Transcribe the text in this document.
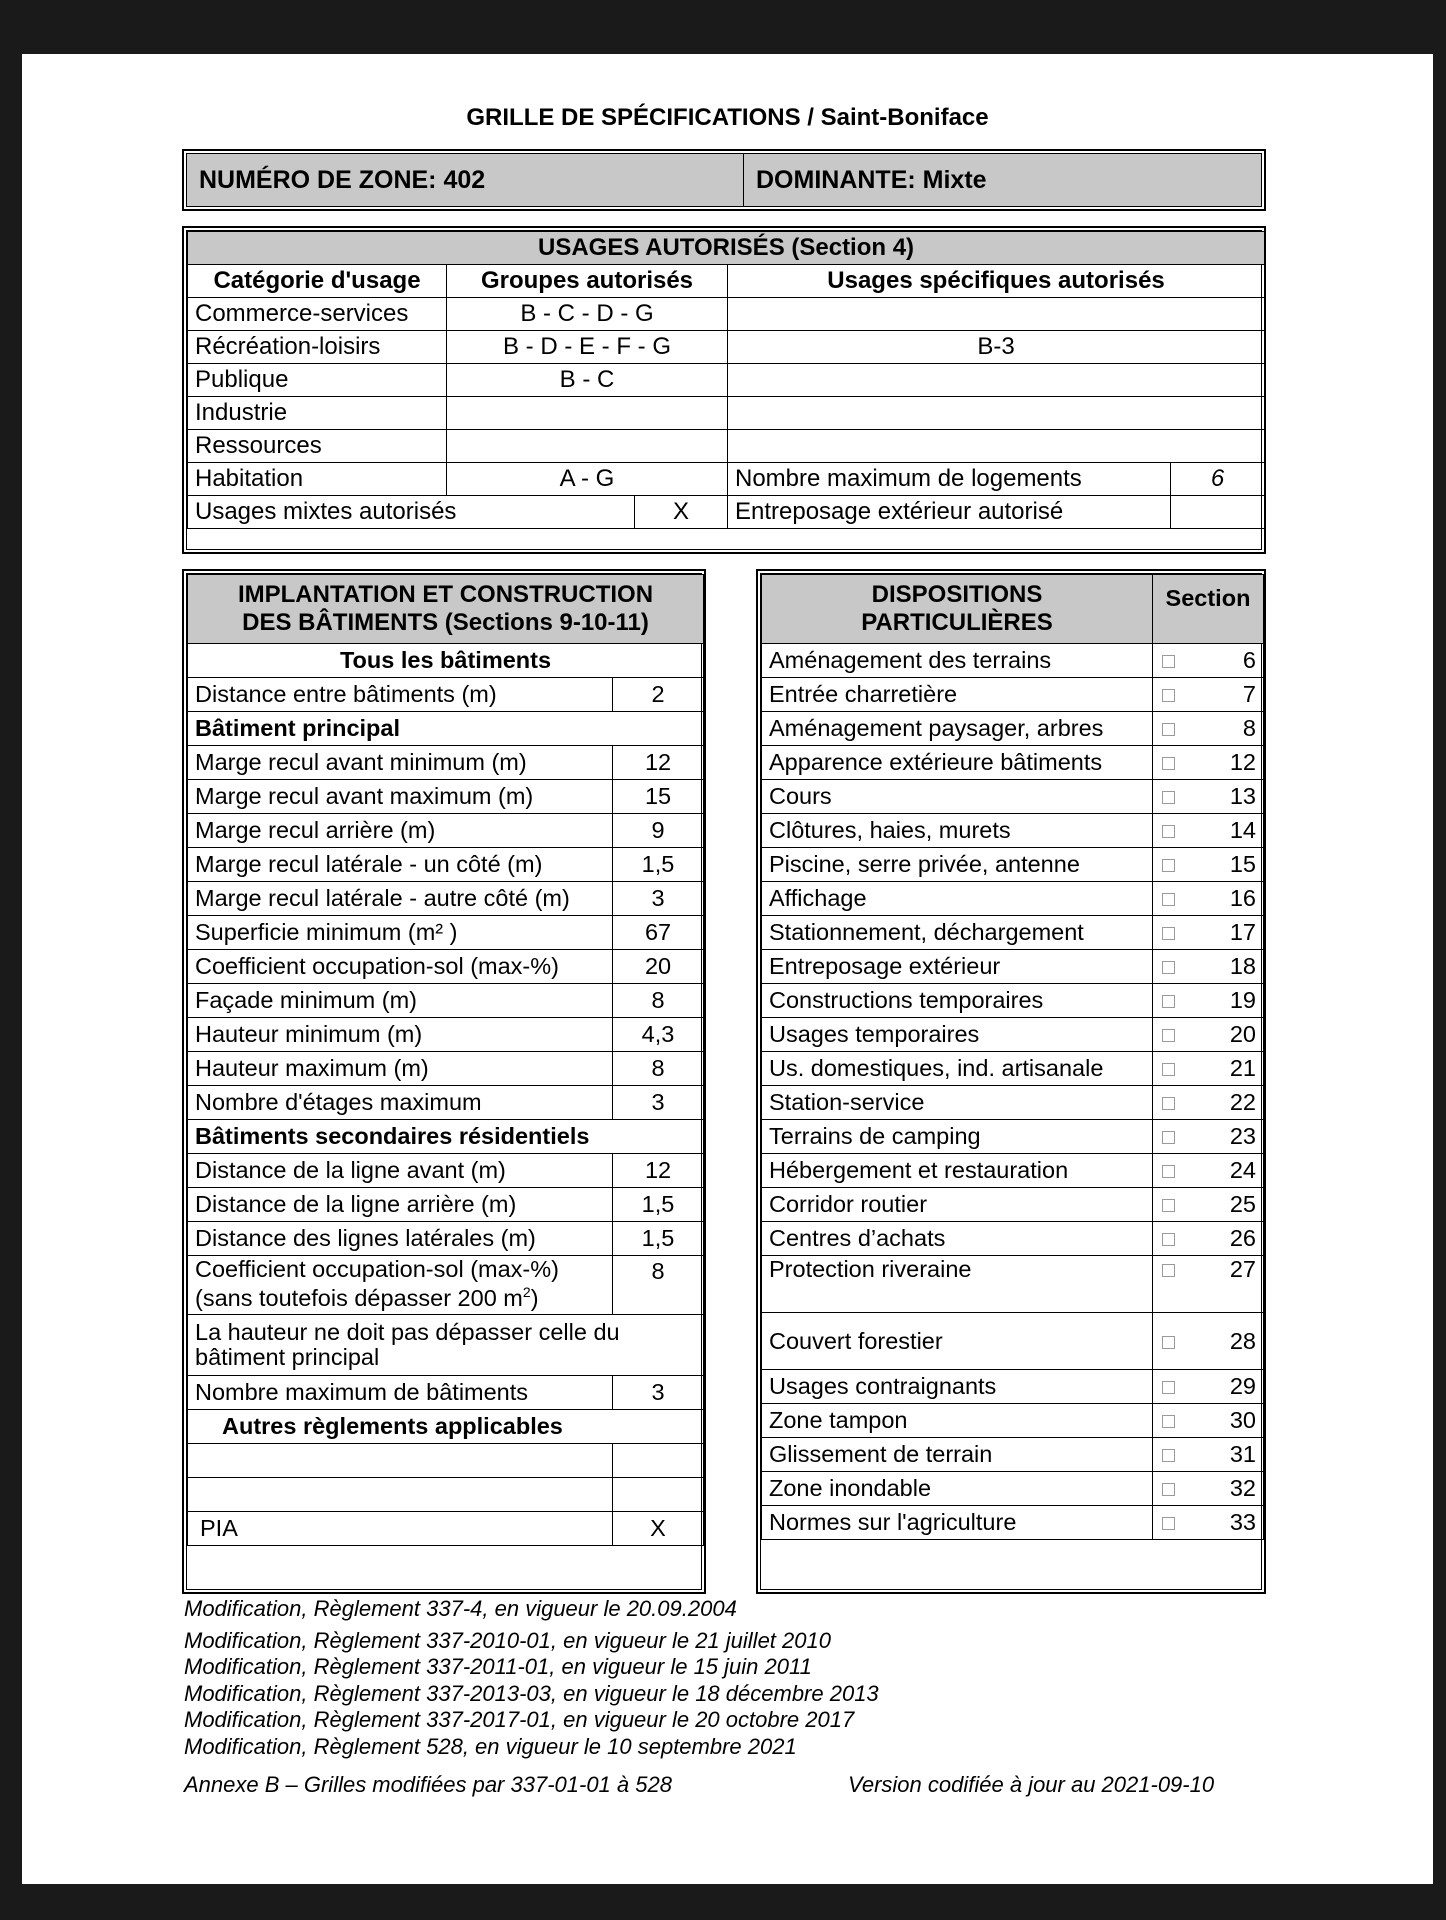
GRILLE DE SPÉCIFICATIONS / Saint-Boniface
NUMÉRO DE ZONE: 402	DOMINANTE: Mixte
USAGES AUTORISÉS (Section 4)				
Catégorie d'usage	Groupes autorisés		Usages spécifiques autorisés	
Commerce-services	B - C - D - G			
Récréation-loisirs	B - D - E - F - G		B-3	
Publique	B - C			
Industrie				
Ressources				
Habitation	A - G		Nombre maximum de logements	6
Usages mixtes autorisés		X	Entreposage extérieur autorisé	
IMPLANTATION ET CONSTRUCTION
DES BÂTIMENTS (Sections 9-10-11)	

Tous les bâtiments	
Distance entre bâtiments (m)	2
Bâtiment principal	
Marge recul avant minimum (m)	12
Marge recul avant maximum (m)	15
Marge recul arrière (m)	9
Marge recul latérale - un côté (m)	1,5
Marge recul latérale - autre côté (m)	3
Superficie minimum (m² )	67
Coefficient occupation-sol (max-%)	20
Façade minimum (m)	8
Hauteur minimum (m)	4,3
Hauteur maximum (m)	8
Nombre d'étages maximum	3
Bâtiments secondaires résidentiels	
Distance de la ligne avant (m)	12
Distance de la ligne arrière (m)	1,5
Distance des lignes latérales (m)	1,5

Coefficient occupation-sol (max-%)
(sans toutefois dépasser 200 $m^2$)	8

La hauteur ne doit pas dépasser celle du
bâtiment principal	

Nombre maximum de bâtiments	3
Autres règlements applicables	

PIA	X
DISPOSITIONS
PARTICULIÈRES	Section
Aménagement des terrains	6

Entrée charretière	7

Aménagement paysager, arbres	8

Apparence extérieure bâtiments	12

Cours	13

Clôtures, haies, murets	14

Piscine, serre privée, antenne	15

Affichage	16

Stationnement, déchargement	17

Entreposage extérieur	18

Constructions temporaires	19

Usages temporaires	20

Us. domestiques, ind. artisanale	21

Station-service	22

Terrains de camping	23

Hébergement et restauration	24

Corridor routier	25

Centres d’achats	26

Protection riveraine	27

Couvert forestier	28

Usages contraignants	29

Zone tampon	30

Glissement de terrain	31

Zone inondable	32

Normes sur l'agriculture	33
Modification, Règlement 337-4, en vigueur le 20.09.2004
Modification, Règlement 337-2010-01, en vigueur le 21 juillet 2010
Modification, Règlement 337-2011-01, en vigueur le 15 juin 2011
Modification, Règlement 337-2013-03, en vigueur le 18 décembre 2013
Modification, Règlement 337-2017-01, en vigueur le 20 octobre 2017
Modification, Règlement 528, en vigueur le 10 septembre 2021
Annexe B – Grilles modifiées par 337-01-01 à 528	Version codifiée à jour au 2021-09-10
